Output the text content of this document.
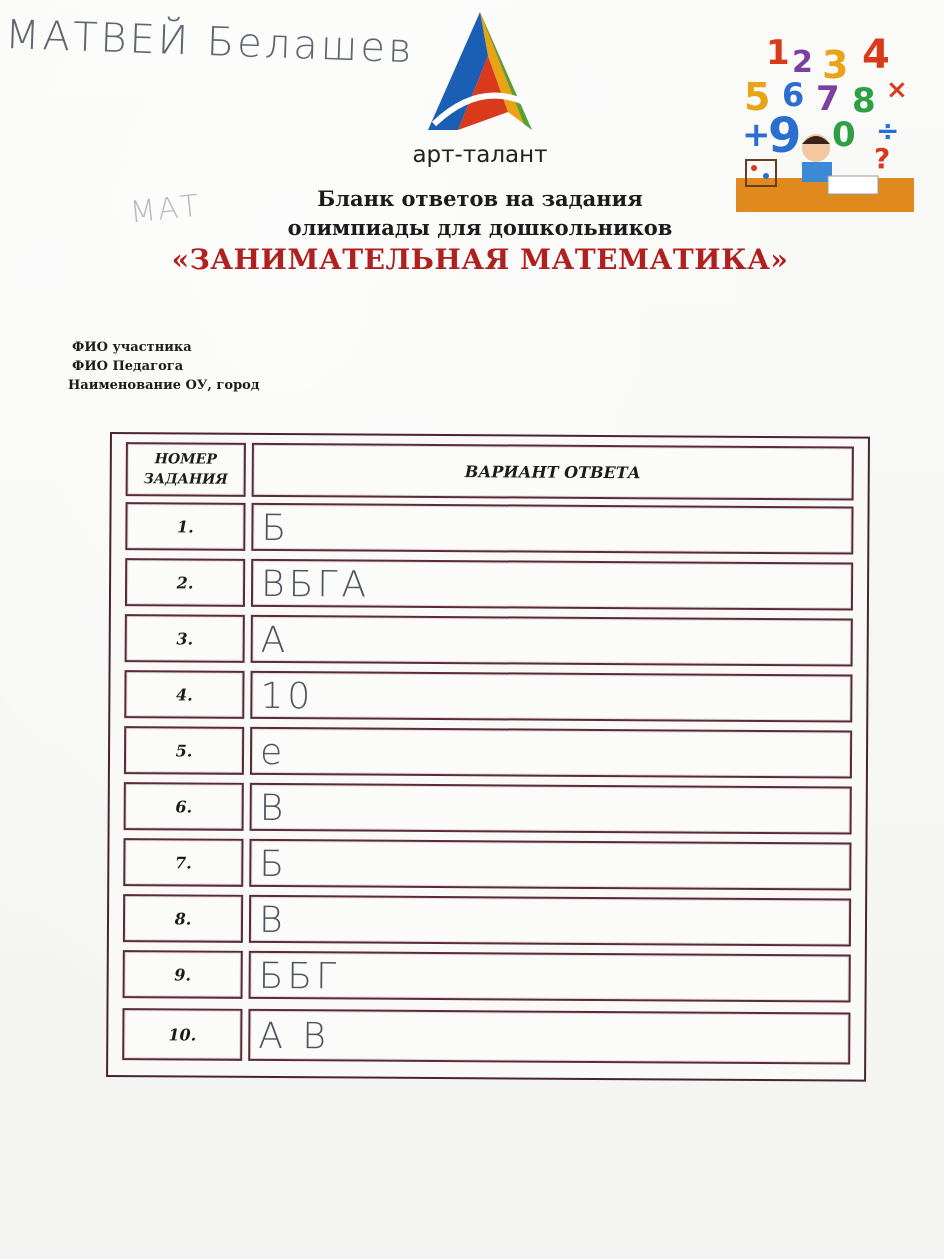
МАТВЕЙ Белашев
МАТ
арт-талант
1 2 3 4
5 6 7 8 ×
+
9 0 ÷
?
Бланк ответов на задания
олимпиады для дошкольников
«ЗАНИМАТЕЛЬНАЯ МАТЕМАТИКА»
ФИО участника
ФИО Педагога
Наименование ОУ, город
НОМЕР
ЗАДАНИЯ	ВАРИАНТ ОТВЕТА
1.	Б
2.	ВБГА
3.	А
4.	10
5.	е
6.	В
7.	Б
8.	В
9.	ББГ
10.	А В
